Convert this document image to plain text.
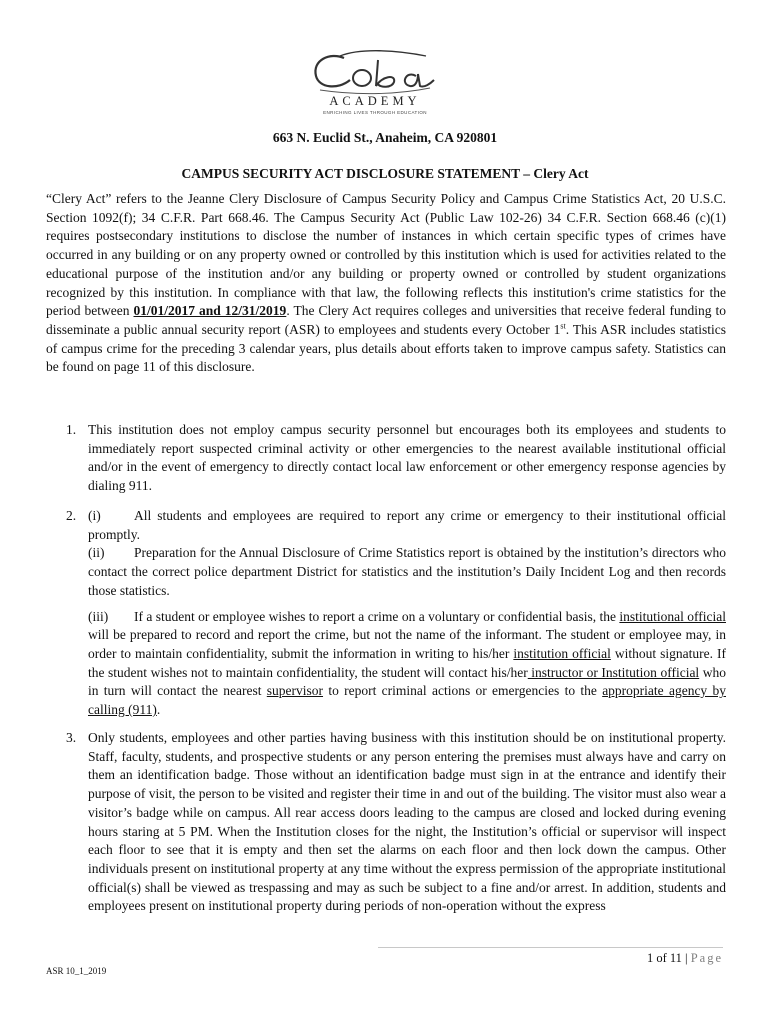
ACADEMY
ENRICHING LIVES THROUGH EDUCATION
663 N. Euclid St., Anaheim, CA 920801
CAMPUS SECURITY ACT DISCLOSURE STATEMENT – Clery Act
“Clery Act” refers to the Jeanne Clery Disclosure of Campus Security Policy and Campus Crime Statistics Act, 20 U.S.C. Section 1092(f); 34 C.F.R. Part 668.46. The Campus Security Act (Public Law 102-26) 34 C.F.R. Section 668.46 (c)(1) requires postsecondary institutions to disclose the number of instances in which certain specific types of crimes have occurred in any building or on any property owned or controlled by this institution which is used for activities related to the educational purpose of the institution and/or any building or property owned or controlled by student organizations recognized by this institution. In compliance with that law, the following reflects this institution's crime statistics for the period between 01/01/2017 and 12/31/2019. The Clery Act requires colleges and universities that receive federal funding to disseminate a public annual security report (ASR) to employees and students every October 1st. This ASR includes statistics of campus crime for the preceding 3 calendar years, plus details about efforts taken to improve campus safety. Statistics can be found on page 11 of this disclosure.
1. This institution does not employ campus security personnel but encourages both its employees and students to immediately report suspected criminal activity or other emergencies to the nearest available institutional official and/or in the event of emergency to directly contact local law enforcement or other emergency response agencies by dialing 911.
2. (i) All students and employees are required to report any crime or emergency to their institutional official promptly.
(ii) Preparation for the Annual Disclosure of Crime Statistics report is obtained by the institution’s directors who contact the correct police department District for statistics and the institution’s Daily Incident Log and then records those statistics.
(iii) If a student or employee wishes to report a crime on a voluntary or confidential basis, the institutional official will be prepared to record and report the crime, but not the name of the informant. The student or employee may, in order to maintain confidentiality, submit the information in writing to his/her institution official without signature. If the student wishes not to maintain confidentiality, the student will contact his/her instructor or Institution official who in turn will contact the nearest supervisor to report criminal actions or emergencies to the appropriate agency by calling (911).
3. Only students, employees and other parties having business with this institution should be on institutional property. Staff, faculty, students, and prospective students or any person entering the premises must always have and carry on them an identification badge. Those without an identification badge must sign in at the entrance and identify their purpose of visit, the person to be visited and register their time in and out of the building. The visitor must also wear a visitor’s badge while on campus. All rear access doors leading to the campus are closed and locked during evening hours staring at 5 PM. When the Institution closes for the night, the Institution’s official or supervisor will inspect each floor to see that it is empty and then set the alarms on each floor and then lock down the campus. Other individuals present on institutional property at any time without the express permission of the appropriate institutional official(s) shall be viewed as trespassing and may as such be subject to a fine and/or arrest. In addition, students and employees present on institutional property during periods of non-operation without the express
1 of 11 | Page
ASR 10_1_2019
